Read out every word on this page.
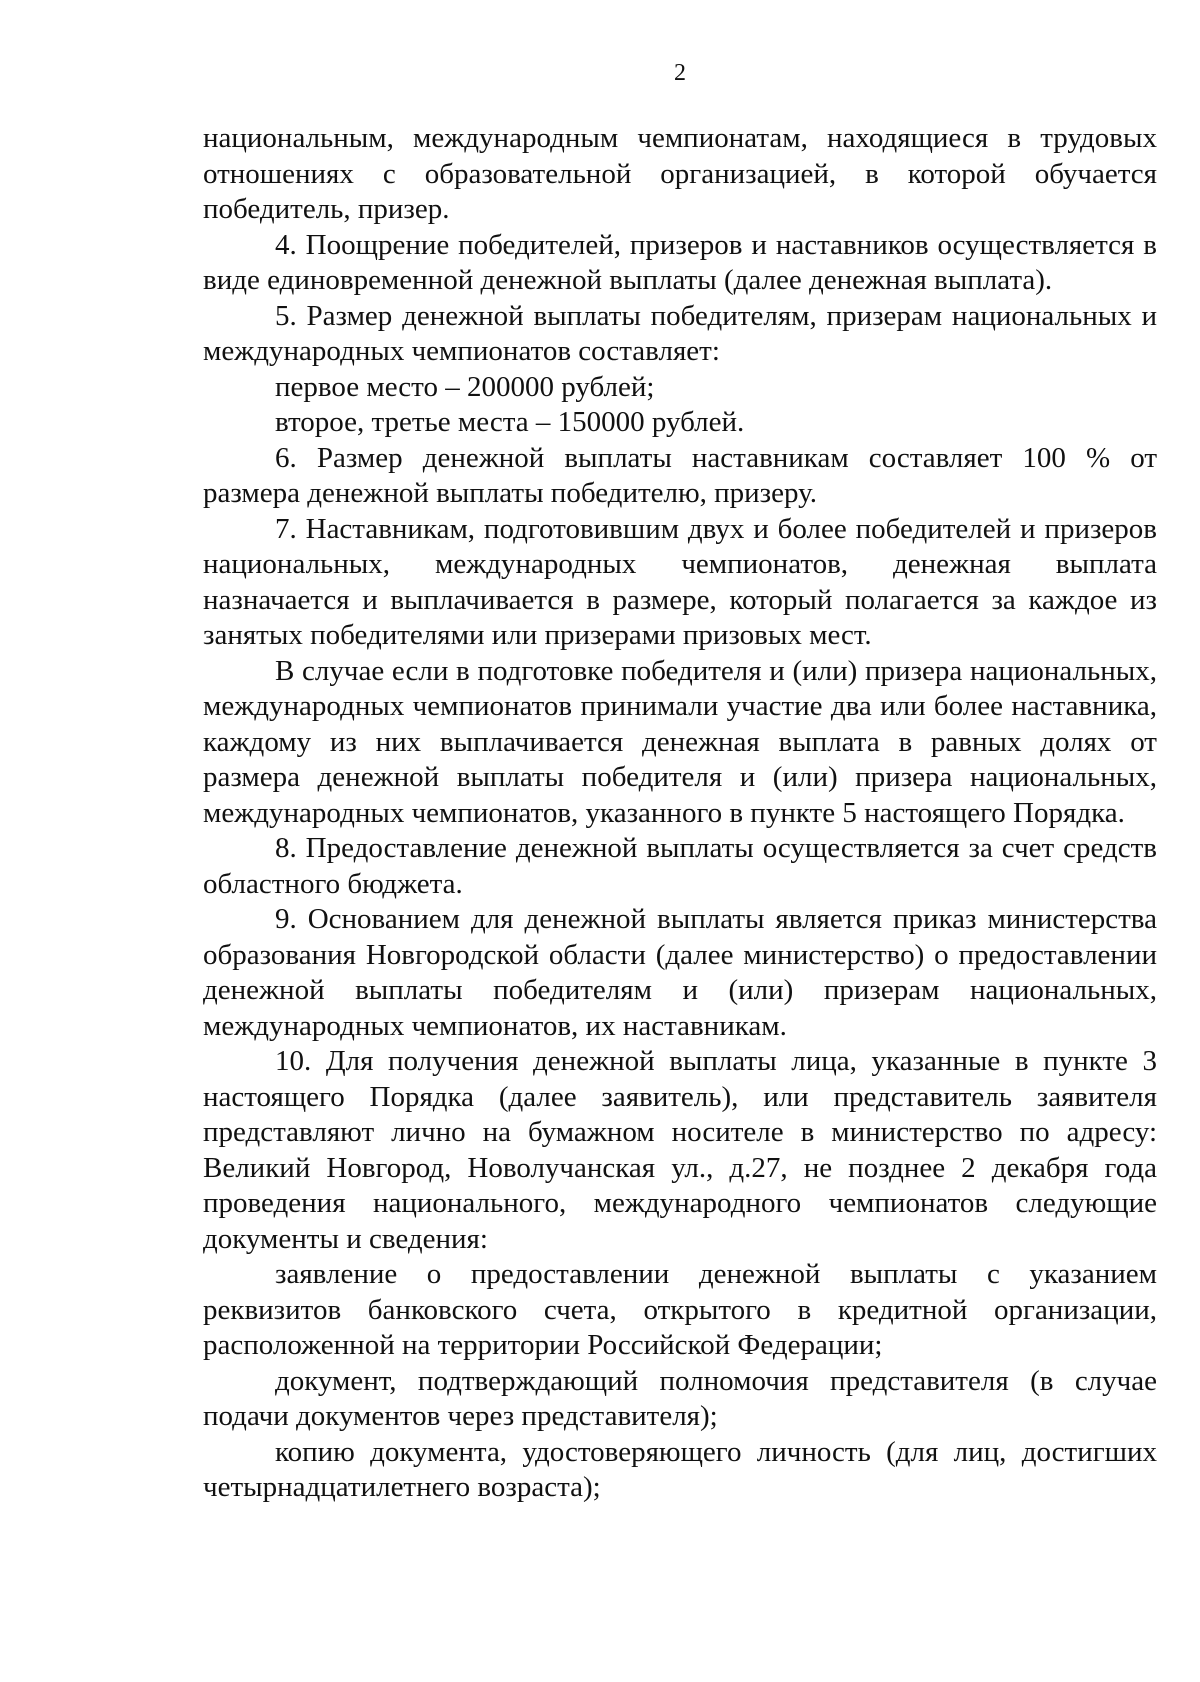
2

национальным, международным чемпионатам, находящиеся в трудовых отношениях с образовательной организацией, в которой обучается победитель, призер.

4. Поощрение победителей, призеров и наставников осуществляется в виде единовременной денежной выплаты (далее денежная выплата).

5. Размер денежной выплаты победителям, призерам национальных и международных чемпионатов составляет:

первое место – 200000 рублей;

второе, третье места – 150000 рублей.

6. Размер денежной выплаты наставникам составляет 100 % от размера денежной выплаты победителю, призеру.

7. Наставникам, подготовившим двух и более победителей и призеров национальных, международных чемпионатов, денежная выплата назначается и выплачивается в размере, который полагается за каждое из занятых победителями или призерами призовых мест.

В случае если в подготовке победителя и (или) призера национальных, международных чемпионатов принимали участие два или более наставника, каждому из них выплачивается денежная выплата в равных долях от размера денежной выплаты победителя и (или) призера национальных, международных чемпионатов, указанного в пункте 5 настоящего Порядка.

8. Предоставление денежной выплаты осуществляется за счет средств областного бюджета.

9. Основанием для денежной выплаты является приказ министерства образования Новгородской области (далее министерство) о предоставлении денежной выплаты победителям и (или) призерам национальных, международных чемпионатов, их наставникам.

10. Для получения денежной выплаты лица, указанные в пункте 3 настоящего Порядка (далее заявитель), или представитель заявителя представляют лично на бумажном носителе в министерство по адресу: Великий Новгород, Новолучанская ул., д.27, не позднее 2 декабря года проведения национального, международного чемпионатов следующие документы и сведения:

заявление о предоставлении денежной выплаты с указанием реквизитов банковского счета, открытого в кредитной организации, расположенной на территории Российской Федерации;

документ, подтверждающий полномочия представителя (в случае подачи документов через представителя);

копию документа, удостоверяющего личность (для лиц, достигших четырнадцатилетнего возраста);
